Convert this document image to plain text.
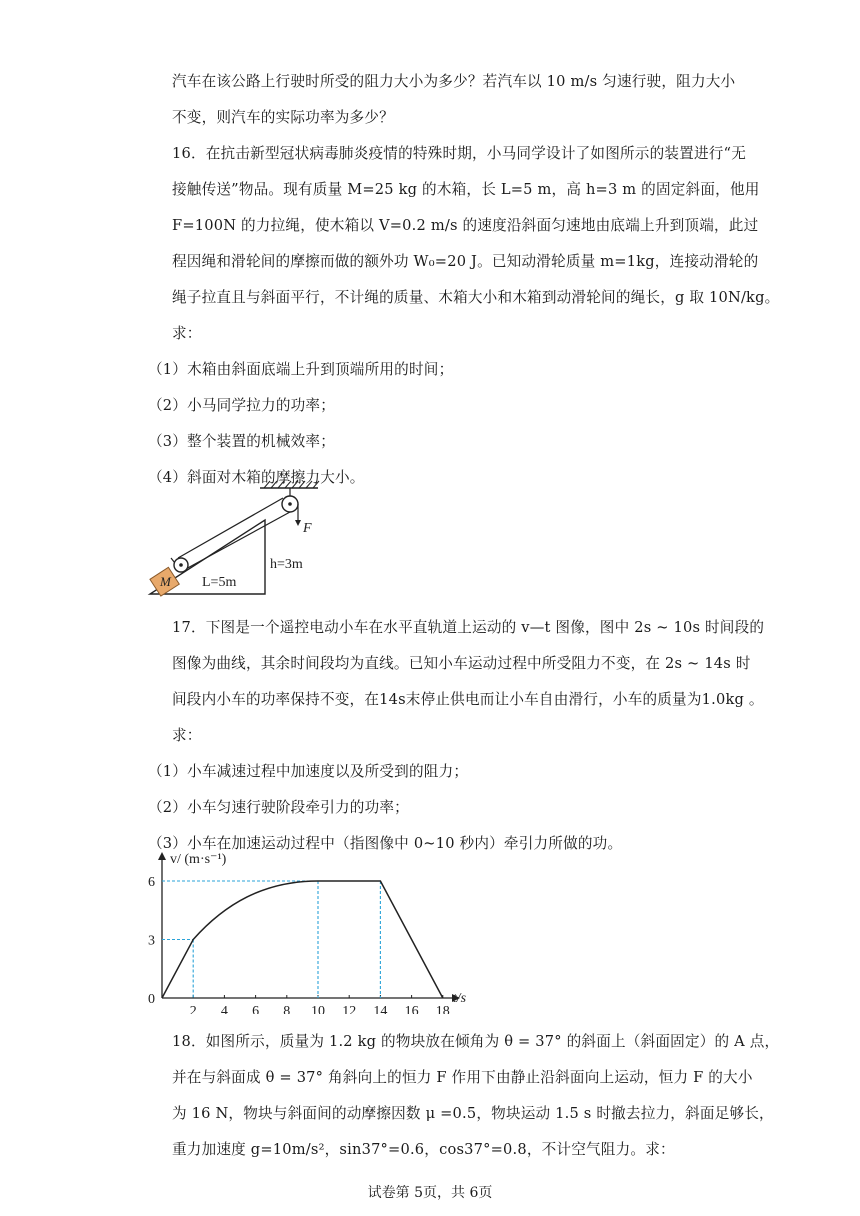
汽车在该公路上行驶时所受的阻力大小为多少？若汽车以 10 m/s 匀速行驶，阻力大小
不变，则汽车的实际功率为多少？
16．在抗击新型冠状病毒肺炎疫情的特殊时期，小马同学设计了如图所示的装置进行“无
接触传送”物品。现有质量 M=25 kg 的木箱，长 L=5 m，高 h=3 m 的固定斜面，他用
F=100N 的力拉绳，使木箱以 V=0.2 m/s 的速度沿斜面匀速地由底端上升到顶端，此过
程因绳和滑轮间的摩擦而做的额外功 W₀=20 J。已知动滑轮质量 m=1kg，连接动滑轮的
绳子拉直且与斜面平行，不计绳的质量、木箱大小和木箱到动滑轮间的绳长，g 取 10N/kg。
求：
（1）木箱由斜面底端上升到顶端所用的时间；
（2）小马同学拉力的功率；
（3）整个装置的机械效率；
（4）斜面对木箱的摩擦力大小。
M
F
L=5m
h=3m
17．下图是一个遥控电动小车在水平直轨道上运动的 v—t 图像，图中 2s ~ 10s 时间段的
图像为曲线，其余时间段均为直线。已知小车运动过程中所受阻力不变，在 2s ~ 14s 时
间段内小车的功率保持不变，在14s末停止供电而让小车自由滑行，小车的质量为1.0kg 。
求：
（1）小车减速过程中加速度以及所受到的阻力；
（2）小车匀速行驶阶段牵引力的功率；
（3）小车在加速运动过程中（指图像中 0~10 秒内）牵引力所做的功。
v/ (m·s⁻¹)
t/s
0
2 4 6 8 10 12 14 16 18
3
6
18．如图所示，质量为 1.2 kg 的物块放在倾角为 θ = 37° 的斜面上（斜面固定）的 A 点，
并在与斜面成 θ = 37° 角斜向上的恒力 F 作用下由静止沿斜面向上运动，恒力 F 的大小
为 16 N，物块与斜面间的动摩擦因数 μ =0.5，物块运动 1.5 s 时撤去拉力，斜面足够长，
重力加速度 g=10m/s²，sin37°=0.6，cos37°=0.8，不计空气阻力。求：
试卷第 5页，共 6页
